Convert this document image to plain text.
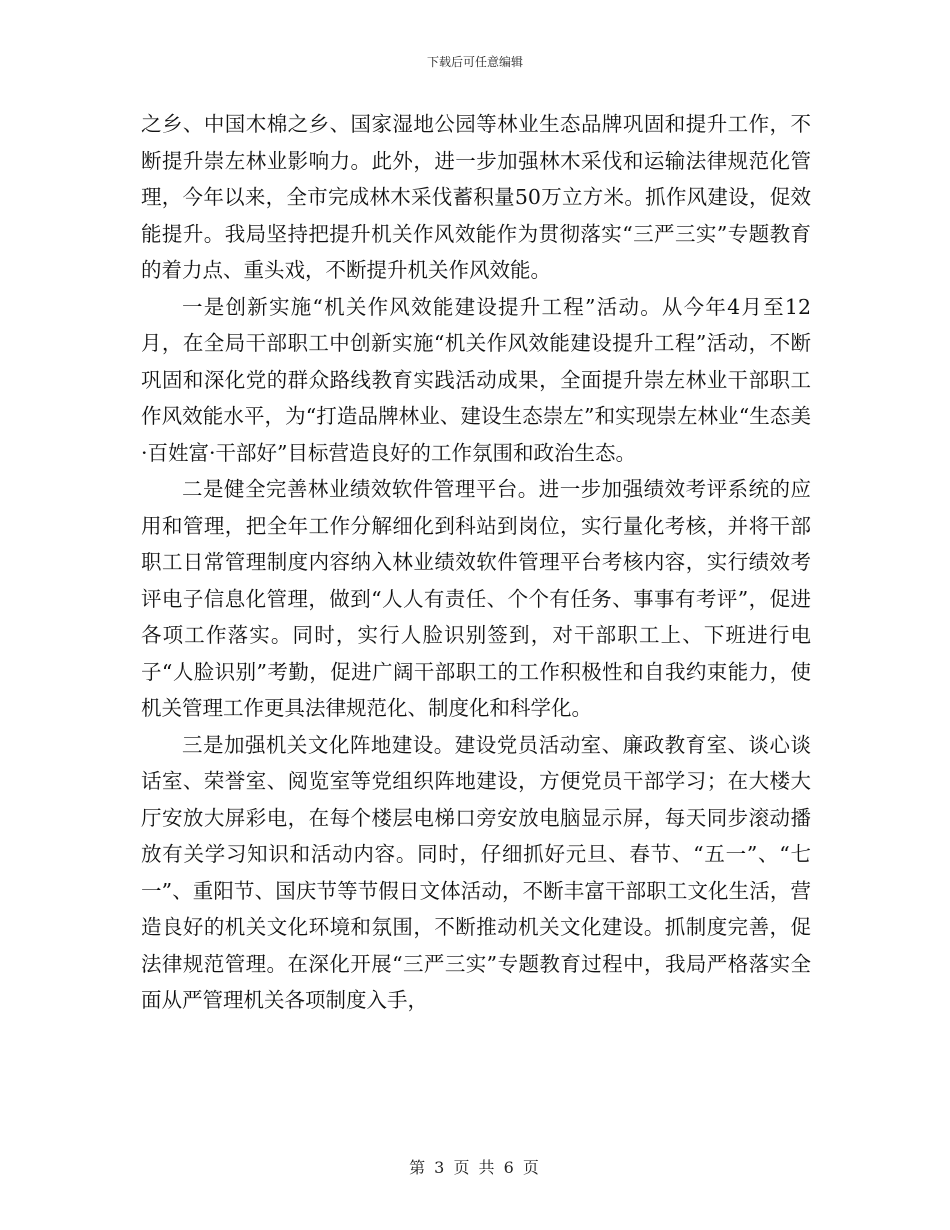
下载后可任意编辑

之乡、中国木棉之乡、国家湿地公园等林业生态品牌巩固和提升工作，不断提升崇左林业影响力。此外，进一步加强林木采伐和运输法律规范化管理，今年以来，全市完成林木采伐蓄积量50万立方米。抓作风建设，促效能提升。我局坚持把提升机关作风效能作为贯彻落实“三严三实”专题教育的着力点、重头戏，不断提升机关作风效能。

一是创新实施“机关作风效能建设提升工程”活动。从今年4月至12月，在全局干部职工中创新实施“机关作风效能建设提升工程”活动，不断巩固和深化党的群众路线教育实践活动成果，全面提升崇左林业干部职工作风效能水平，为“打造品牌林业、建设生态崇左”和实现崇左林业“生态美·百姓富·干部好”目标营造良好的工作氛围和政治生态。

二是健全完善林业绩效软件管理平台。进一步加强绩效考评系统的应用和管理，把全年工作分解细化到科站到岗位，实行量化考核，并将干部职工日常管理制度内容纳入林业绩效软件管理平台考核内容，实行绩效考评电子信息化管理，做到“人人有责任、个个有任务、事事有考评”，促进各项工作落实。同时，实行人脸识别签到，对干部职工上、下班进行电子“人脸识别”考勤，促进广阔干部职工的工作积极性和自我约束能力，使机关管理工作更具法律规范化、制度化和科学化。

三是加强机关文化阵地建设。建设党员活动室、廉政教育室、谈心谈话室、荣誉室、阅览室等党组织阵地建设，方便党员干部学习；在大楼大厅安放大屏彩电，在每个楼层电梯口旁安放电脑显示屏，每天同步滚动播放有关学习知识和活动内容。同时，仔细抓好元旦、春节、“五一”、“七一”、重阳节、国庆节等节假日文体活动，不断丰富干部职工文化生活，营造良好的机关文化环境和氛围，不断推动机关文化建设。抓制度完善，促法律规范管理。在深化开展“三严三实”专题教育过程中，我局严格落实全面从严管理机关各项制度入手，

第 3 页 共 6 页
